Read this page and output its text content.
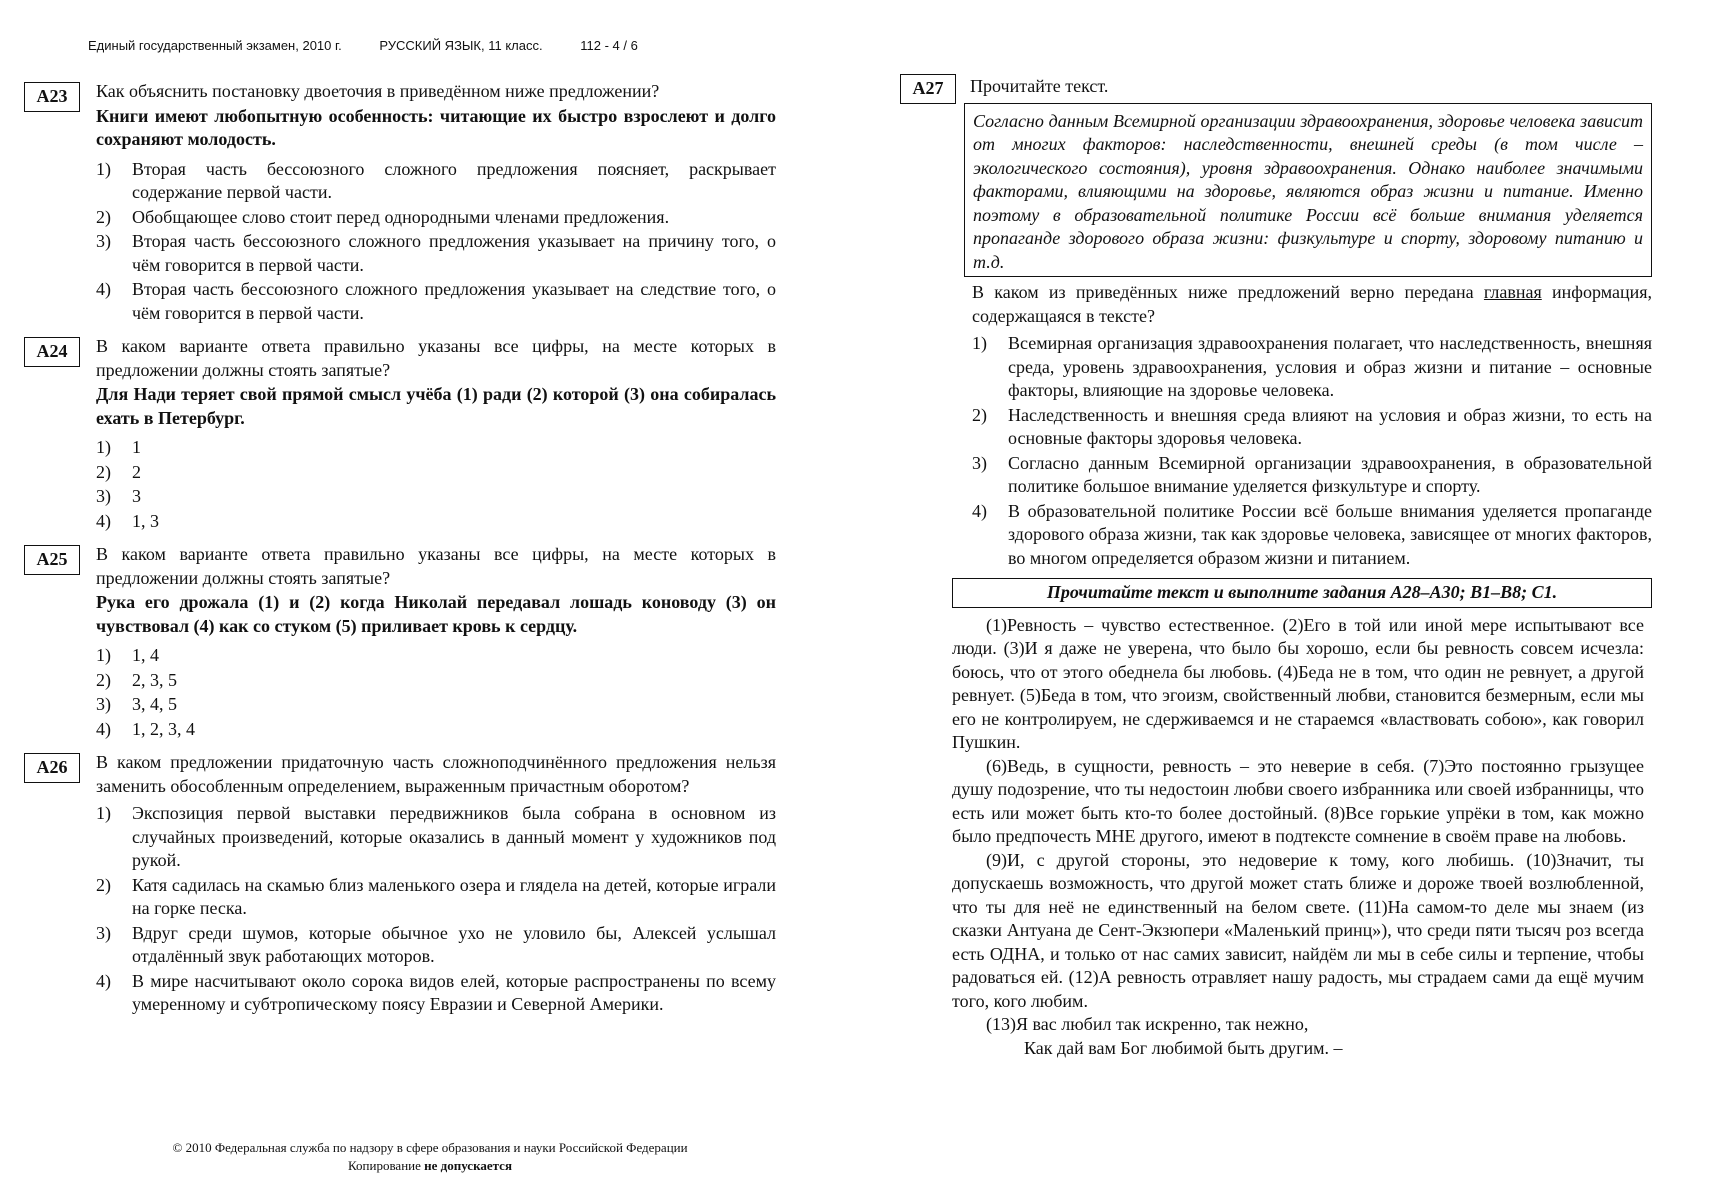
Единый государственный экзамен, 2010 г.	РУССКИЙ ЯЗЫК, 11 класс.	112 - 4 / 6
A23	Как объяснить постановку двоеточия в приведённом ниже предложении?
Книги имеют любопытную особенность: читающие их быстро взрослеют и долго сохраняют молодость.
1) Вторая часть бессоюзного сложного предложения поясняет, раскрывает содержание первой части.
2) Обобщающее слово стоит перед однородными членами предложения.
3) Вторая часть бессоюзного сложного предложения указывает на причину того, о чём говорится в первой части.
4) Вторая часть бессоюзного сложного предложения указывает на следствие того, о чём говорится в первой части.
A24	В каком варианте ответа правильно указаны все цифры, на месте которых в предложении должны стоять запятые?
Для Нади теряет свой прямой смысл учёба (1) ради (2) которой (3) она собиралась ехать в Петербург.
1) 1
2) 2
3) 3
4) 1, 3
A25	В каком варианте ответа правильно указаны все цифры, на месте которых в предложении должны стоять запятые?
Рука его дрожала (1) и (2) когда Николай передавал лошадь коноводу (3) он чувствовал (4) как со стуком (5) приливает кровь к сердцу.
1) 1, 4
2) 2, 3, 5
3) 3, 4, 5
4) 1, 2, 3, 4
A26	В каком предложении придаточную часть сложноподчинённого предложения нельзя заменить обособленным определением, выраженным причастным оборотом?
1) Экспозиция первой выставки передвижников была собрана в основном из случайных произведений, которые оказались в данный момент у художников под рукой.
2) Катя садилась на скамью близ маленького озера и глядела на детей, которые играли на горке песка.
3) Вдруг среди шумов, которые обычное ухо не уловило бы, Алексей услышал отдалённый звук работающих моторов.
4) В мире насчитывают около сорока видов елей, которые распространены по всему умеренному и субтропическому поясу Евразии и Северной Америки.
A27	Прочитайте текст.
Согласно данным Всемирной организации здравоохранения, здоровье человека зависит от многих факторов: наследственности, внешней среды (в том числе – экологического состояния), уровня здравоохранения. Однако наиболее значимыми факторами, влияющими на здоровье, являются образ жизни и питание. Именно поэтому в образовательной политике России всё больше внимания уделяется пропаганде здорового образа жизни: физкультуре и спорту, здоровому питанию и т.д.
В каком из приведённых ниже предложений верно передана главная информация, содержащаяся в тексте?
1) Всемирная организация здравоохранения полагает, что наследственность, внешняя среда, уровень здравоохранения, условия и образ жизни и питание – основные факторы, влияющие на здоровье человека.
2) Наследственность и внешняя среда влияют на условия и образ жизни, то есть на основные факторы здоровья человека.
3) Согласно данным Всемирной организации здравоохранения, в образовательной политике большое внимание уделяется физкультуре и спорту.
4) В образовательной политике России всё больше внимания уделяется пропаганде здорового образа жизни, так как здоровье человека, зависящее от многих факторов, во многом определяется образом жизни и питанием.
Прочитайте текст и выполните задания А28–А30; В1–В8; С1.
(1)Ревность – чувство естественное. (2)Его в той или иной мере испытывают все люди. (3)И я даже не уверена, что было бы хорошо, если бы ревность совсем исчезла: боюсь, что от этого обеднела бы любовь. (4)Беда не в том, что один не ревнует, а другой ревнует. (5)Беда в том, что эгоизм, свойственный любви, становится безмерным, если мы его не контролируем, не сдерживаемся и не стараемся «властвовать собою», как говорил Пушкин.
(6)Ведь, в сущности, ревность – это неверие в себя. (7)Это постоянно грызущее душу подозрение, что ты недостоин любви своего избранника или своей избранницы, что есть или может быть кто-то более достойный. (8)Все горькие упрёки в том, как можно было предпочесть МНЕ другого, имеют в подтексте сомнение в своём праве на любовь.
(9)И, с другой стороны, это недоверие к тому, кого любишь. (10)Значит, ты допускаешь возможность, что другой может стать ближе и дороже твоей возлюбленной, что ты для неё не единственный на белом свете. (11)На самом-то деле мы знаем (из сказки Антуана де Сент-Экзюпери «Маленький принц»), что среди пяти тысяч роз всегда есть ОДНА, и только от нас самих зависит, найдём ли мы в себе силы и терпение, чтобы радоваться ей. (12)А ревность отравляет нашу радость, мы страдаем сами да ещё мучим того, кого любим.
(13)Я вас любил так искренно, так нежно,
Как дай вам Бог любимой быть другим. –
© 2010 Федеральная служба по надзору в сфере образования и науки Российской Федерации
Копирование не допускается
